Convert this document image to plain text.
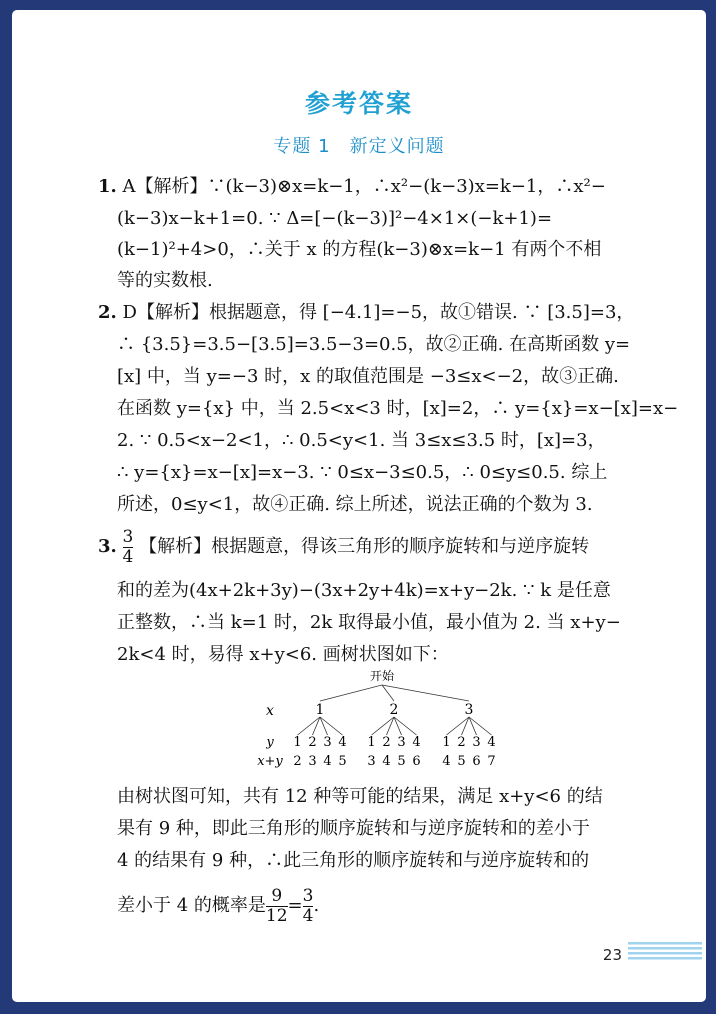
参考答案
专题 1　新定义问题
1. A【解析】∵(k−3)⊗x=k−1，∴x²−(k−3)x=k−1，∴x²−
(k−3)x−k+1=0. ∵ Δ=[−(k−3)]²−4×1×(−k+1)=
(k−1)²+4>0，∴关于 x 的方程(k−3)⊗x=k−1 有两个不相
等的实数根.
2. D【解析】根据题意，得 [−4.1]=−5，故①错误. ∵ [3.5]=3，
∴ {3.5}=3.5−[3.5]=3.5−3=0.5，故②正确. 在高斯函数 y=
[x] 中，当 y=−3 时，x 的取值范围是 −3≤x<−2，故③正确.
在函数 y={x} 中，当 2.5<x<3 时，[x]=2，∴ y={x}=x−[x]=x−
2. ∵ 0.5<x−2<1，∴ 0.5<y<1. 当 3≤x≤3.5 时，[x]=3，
∴ y={x}=x−[x]=x−3. ∵ 0≤x−3≤0.5，∴ 0≤y≤0.5. 综上
所述，0≤y<1，故④正确. 综上所述，说法正确的个数为 3.
3. $\frac{3}{4}$ 【解析】根据题意，得该三角形的顺序旋转和与逆序旋转
和的差为(4x+2k+3y)−(3x+2y+4k)=x+y−2k. ∵ k 是任意
正整数，∴当 k=1 时，2k 取得最小值，最小值为 2. 当 x+y−
2k<4 时，易得 x+y<6. 画树状图如下：
开始
x
y
x+y
1
1
2
2
3
3
4
4
5
2
1
3
2
4
3
5
4
6
3
1
4
2
5
3
6
4
7
由树状图可知，共有 12 种等可能的结果，满足 x+y<6 的结
果有 9 种，即此三角形的顺序旋转和与逆序旋转和的差小于
4 的结果有 9 种，∴此三角形的顺序旋转和与逆序旋转和的
差小于 4 的概率是 $\frac{9}{12} = \frac{3}{4}$ .
23
